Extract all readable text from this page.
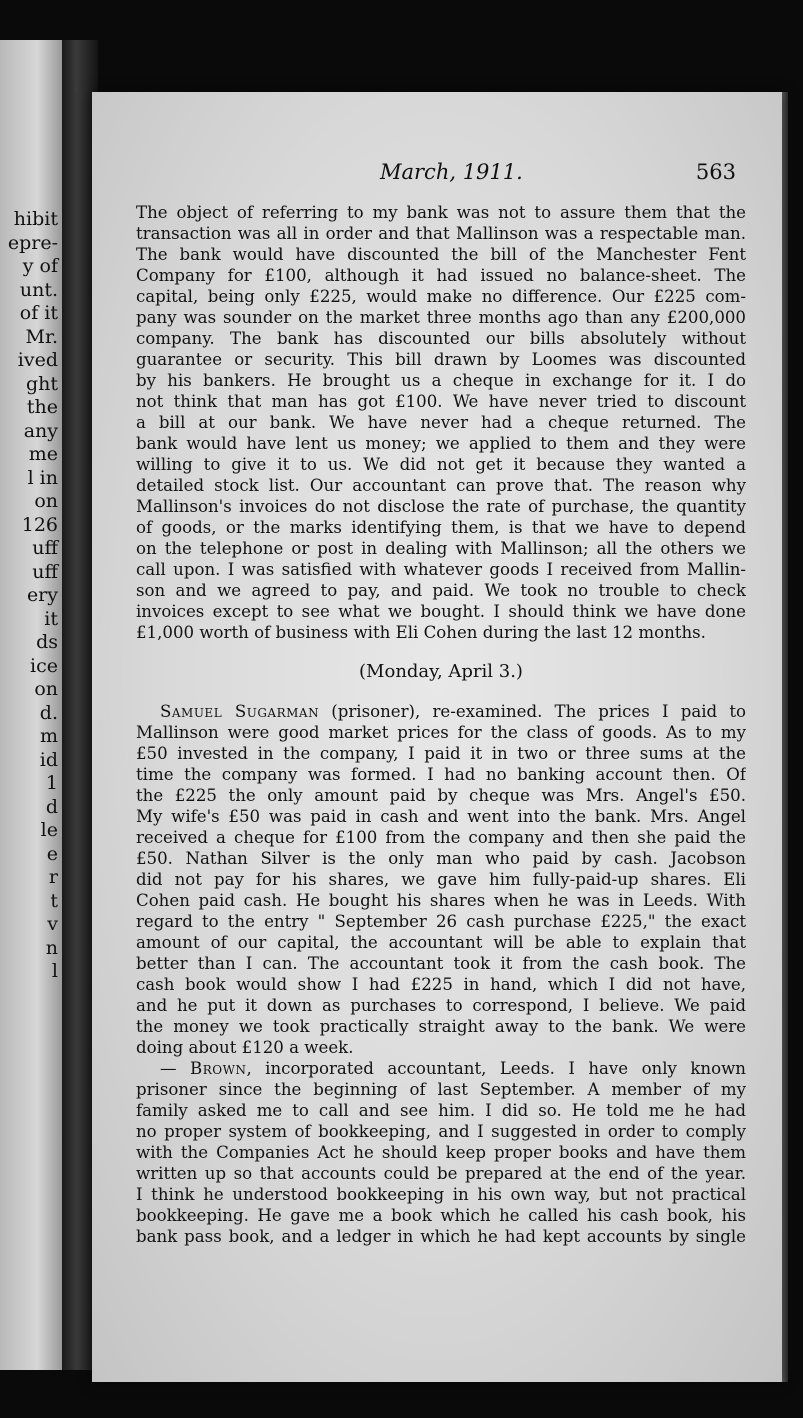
hibit
epre-
y of
unt.
of it
Mr.
ived
ght
the
any
me
l in
on
126
uff
uff
ery
it
ds
ice
on
d.
m
id
1
d
le
e
r
t
v
n
l
March, 1911.	563
The object of referring to my bank was not to assure them that the
transaction was all in order and that Mallinson was a respectable man.
The bank would have discounted the bill of the Manchester Fent
Company for £100, although it had issued no balance-sheet. The
capital, being only £225, would make no difference. Our £225 com-
pany was sounder on the market three months ago than any £200,000
company. The bank has discounted our bills absolutely without
guarantee or security. This bill drawn by Loomes was discounted
by his bankers. He brought us a cheque in exchange for it. I do
not think that man has got £100. We have never tried to discount
a bill at our bank. We have never had a cheque returned. The
bank would have lent us money; we applied to them and they were
willing to give it to us. We did not get it because they wanted a
detailed stock list. Our accountant can prove that. The reason why
Mallinson's invoices do not disclose the rate of purchase, the quantity
of goods, or the marks identifying them, is that we have to depend
on the telephone or post in dealing with Mallinson; all the others we
call upon. I was satisfied with whatever goods I received from Mallin-
son and we agreed to pay, and paid. We took no trouble to check
invoices except to see what we bought. I should think we have done
£1,000 worth of business with Eli Cohen during the last 12 months.
(Monday, April 3.)
Samuel Sugarman (prisoner), re-examined. The prices I paid to
Mallinson were good market prices for the class of goods. As to my
£50 invested in the company, I paid it in two or three sums at the
time the company was formed. I had no banking account then. Of
the £225 the only amount paid by cheque was Mrs. Angel's £50.
My wife's £50 was paid in cash and went into the bank. Mrs. Angel
received a cheque for £100 from the company and then she paid the
£50. Nathan Silver is the only man who paid by cash. Jacobson
did not pay for his shares, we gave him fully-paid-up shares. Eli
Cohen paid cash. He bought his shares when he was in Leeds. With
regard to the entry " September 26 cash purchase £225," the exact
amount of our capital, the accountant will be able to explain that
better than I can. The accountant took it from the cash book. The
cash book would show I had £225 in hand, which I did not have,
and he put it down as purchases to correspond, I believe. We paid
the money we took practically straight away to the bank. We were
doing about £120 a week.
— Brown, incorporated accountant, Leeds. I have only known
prisoner since the beginning of last September. A member of my
family asked me to call and see him. I did so. He told me he had
no proper system of bookkeeping, and I suggested in order to comply
with the Companies Act he should keep proper books and have them
written up so that accounts could be prepared at the end of the year.
I think he understood bookkeeping in his own way, but not practical
bookkeeping. He gave me a book which he called his cash book, his
bank pass book, and a ledger in which he had kept accounts by single
